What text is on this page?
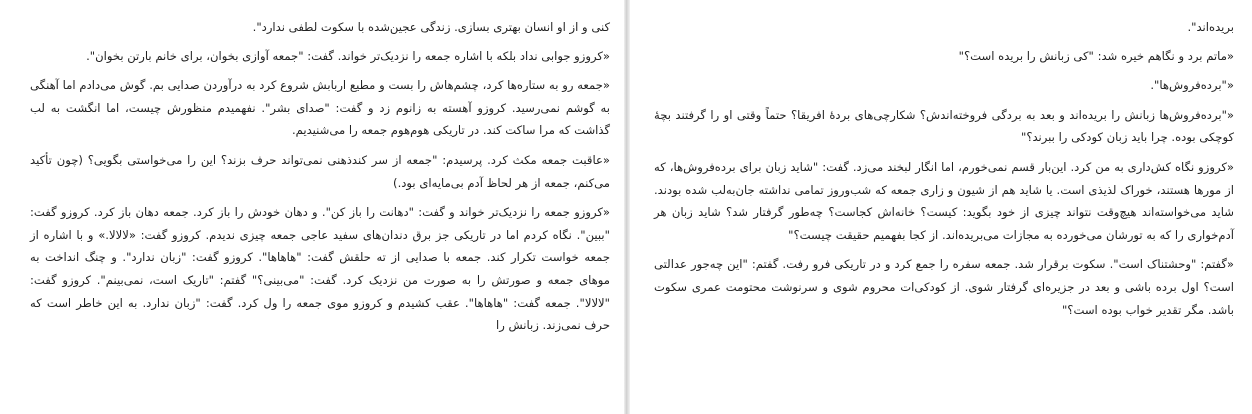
کنی و از او انسان بهتری بسازی. زندگی عجین‌شده با سکوت لطفی ندارد".

«کروزو جوابی نداد بلکه با اشاره جمعه را نزدیک‌تر خواند. گفت: "جمعه آوازی بخوان، برای خانم بارتن بخوان".

«جمعه رو به ستاره‌ها کرد، چشم‌هاش را بست و مطیع اربابش شروع کرد به درآوردن صدایی بم. گوش می‌دادم اما آهنگی به گوشم نمی‌رسید. کروزو آهسته به زانوم زد و گفت: "صدای بشر". نفهمیدم منظورش چیست، اما انگشت به لب گذاشت که مرا ساکت کند. در تاریکی هوم‌هوم جمعه را می‌شنیدیم.

«عاقبت جمعه مکث کرد. پرسیدم: "جمعه از سر کندذهنی نمی‌تواند حرف بزند؟ این را می‌خواستی بگویی؟ (چون تأکید می‌کنم، جمعه از هر لحاظ آدم بی‌مایه‌ای بود.)

«کروزو جمعه را نزدیک‌تر خواند و گفت: "دهانت را باز کن". و دهان خودش را باز کرد. جمعه دهان باز کرد. کروزو گفت: "ببین". نگاه کردم اما در تاریکی جز برق دندان‌های سفید عاجی جمعه چیزی ندیدم. کروزو گفت: «لالالا.» و با اشاره از جمعه خواست تکرار کند. جمعه با صدایی از ته حلقش گفت: "هاهاها". کروزو گفت: "زبان ندارد". و چنگ انداخت به موهای جمعه و صورتش را به صورت من نزدیک کرد. گفت: "می‌بینی؟" گفتم: "تاریک است، نمی‌بینم". کروزو گفت: "لالالا". جمعه گفت: "هاهاها". عقب کشیدم و کروزو موی جمعه را ول کرد. گفت: "زبان ندارد. به این خاطر است که حرف نمی‌زند. زبانش را

بریده‌اند".

«ماتم برد و نگاهم خیره شد: "کی زبانش را بریده است؟"

«"برده‌فروش‌ها".

«"برده‌فروش‌ها زبانش را بریده‌اند و بعد به بردگی فروخته‌اندش؟ شکارچی‌های بردهٔ افریقا؟ حتماً وقتی او را گرفتند بچهٔ کوچکی بوده. چرا باید زبان کودکی را ببرند؟"

«کروزو نگاه کش‌داری به من کرد. این‌بار قسم نمی‌خورم، اما انگار لبخند می‌زد. گفت: "شاید زبان برای برده‌فروش‌ها، که از مورها هستند، خوراک لذیذی است. یا شاید هم از شیون و زاری جمعه که شب‌وروز تمامی نداشته جان‌به‌لب شده بودند. شاید می‌خواسته‌اند هیچ‌وقت نتواند چیزی از خود بگوید: کیست؟ خانه‌اش کجاست؟ چه‌طور گرفتار شد؟ شاید زبان هر آدم‌خواری را که به تورشان می‌خورده به مجازات می‌بریده‌اند. از کجا بفهمیم حقیقت چیست؟"

«گفتم: "وحشتناک است". سکوت برقرار شد. جمعه سفره را جمع کرد و در تاریکی فرو رفت. گفتم: "این چه‌جور عدالتی است؟ اول برده باشی و بعد در جزیره‌ای گرفتار شوی. از کودکی‌ات محروم شوی و سرنوشت محتومت عمری سکوت باشد. مگر تقدیر خواب بوده است؟"
